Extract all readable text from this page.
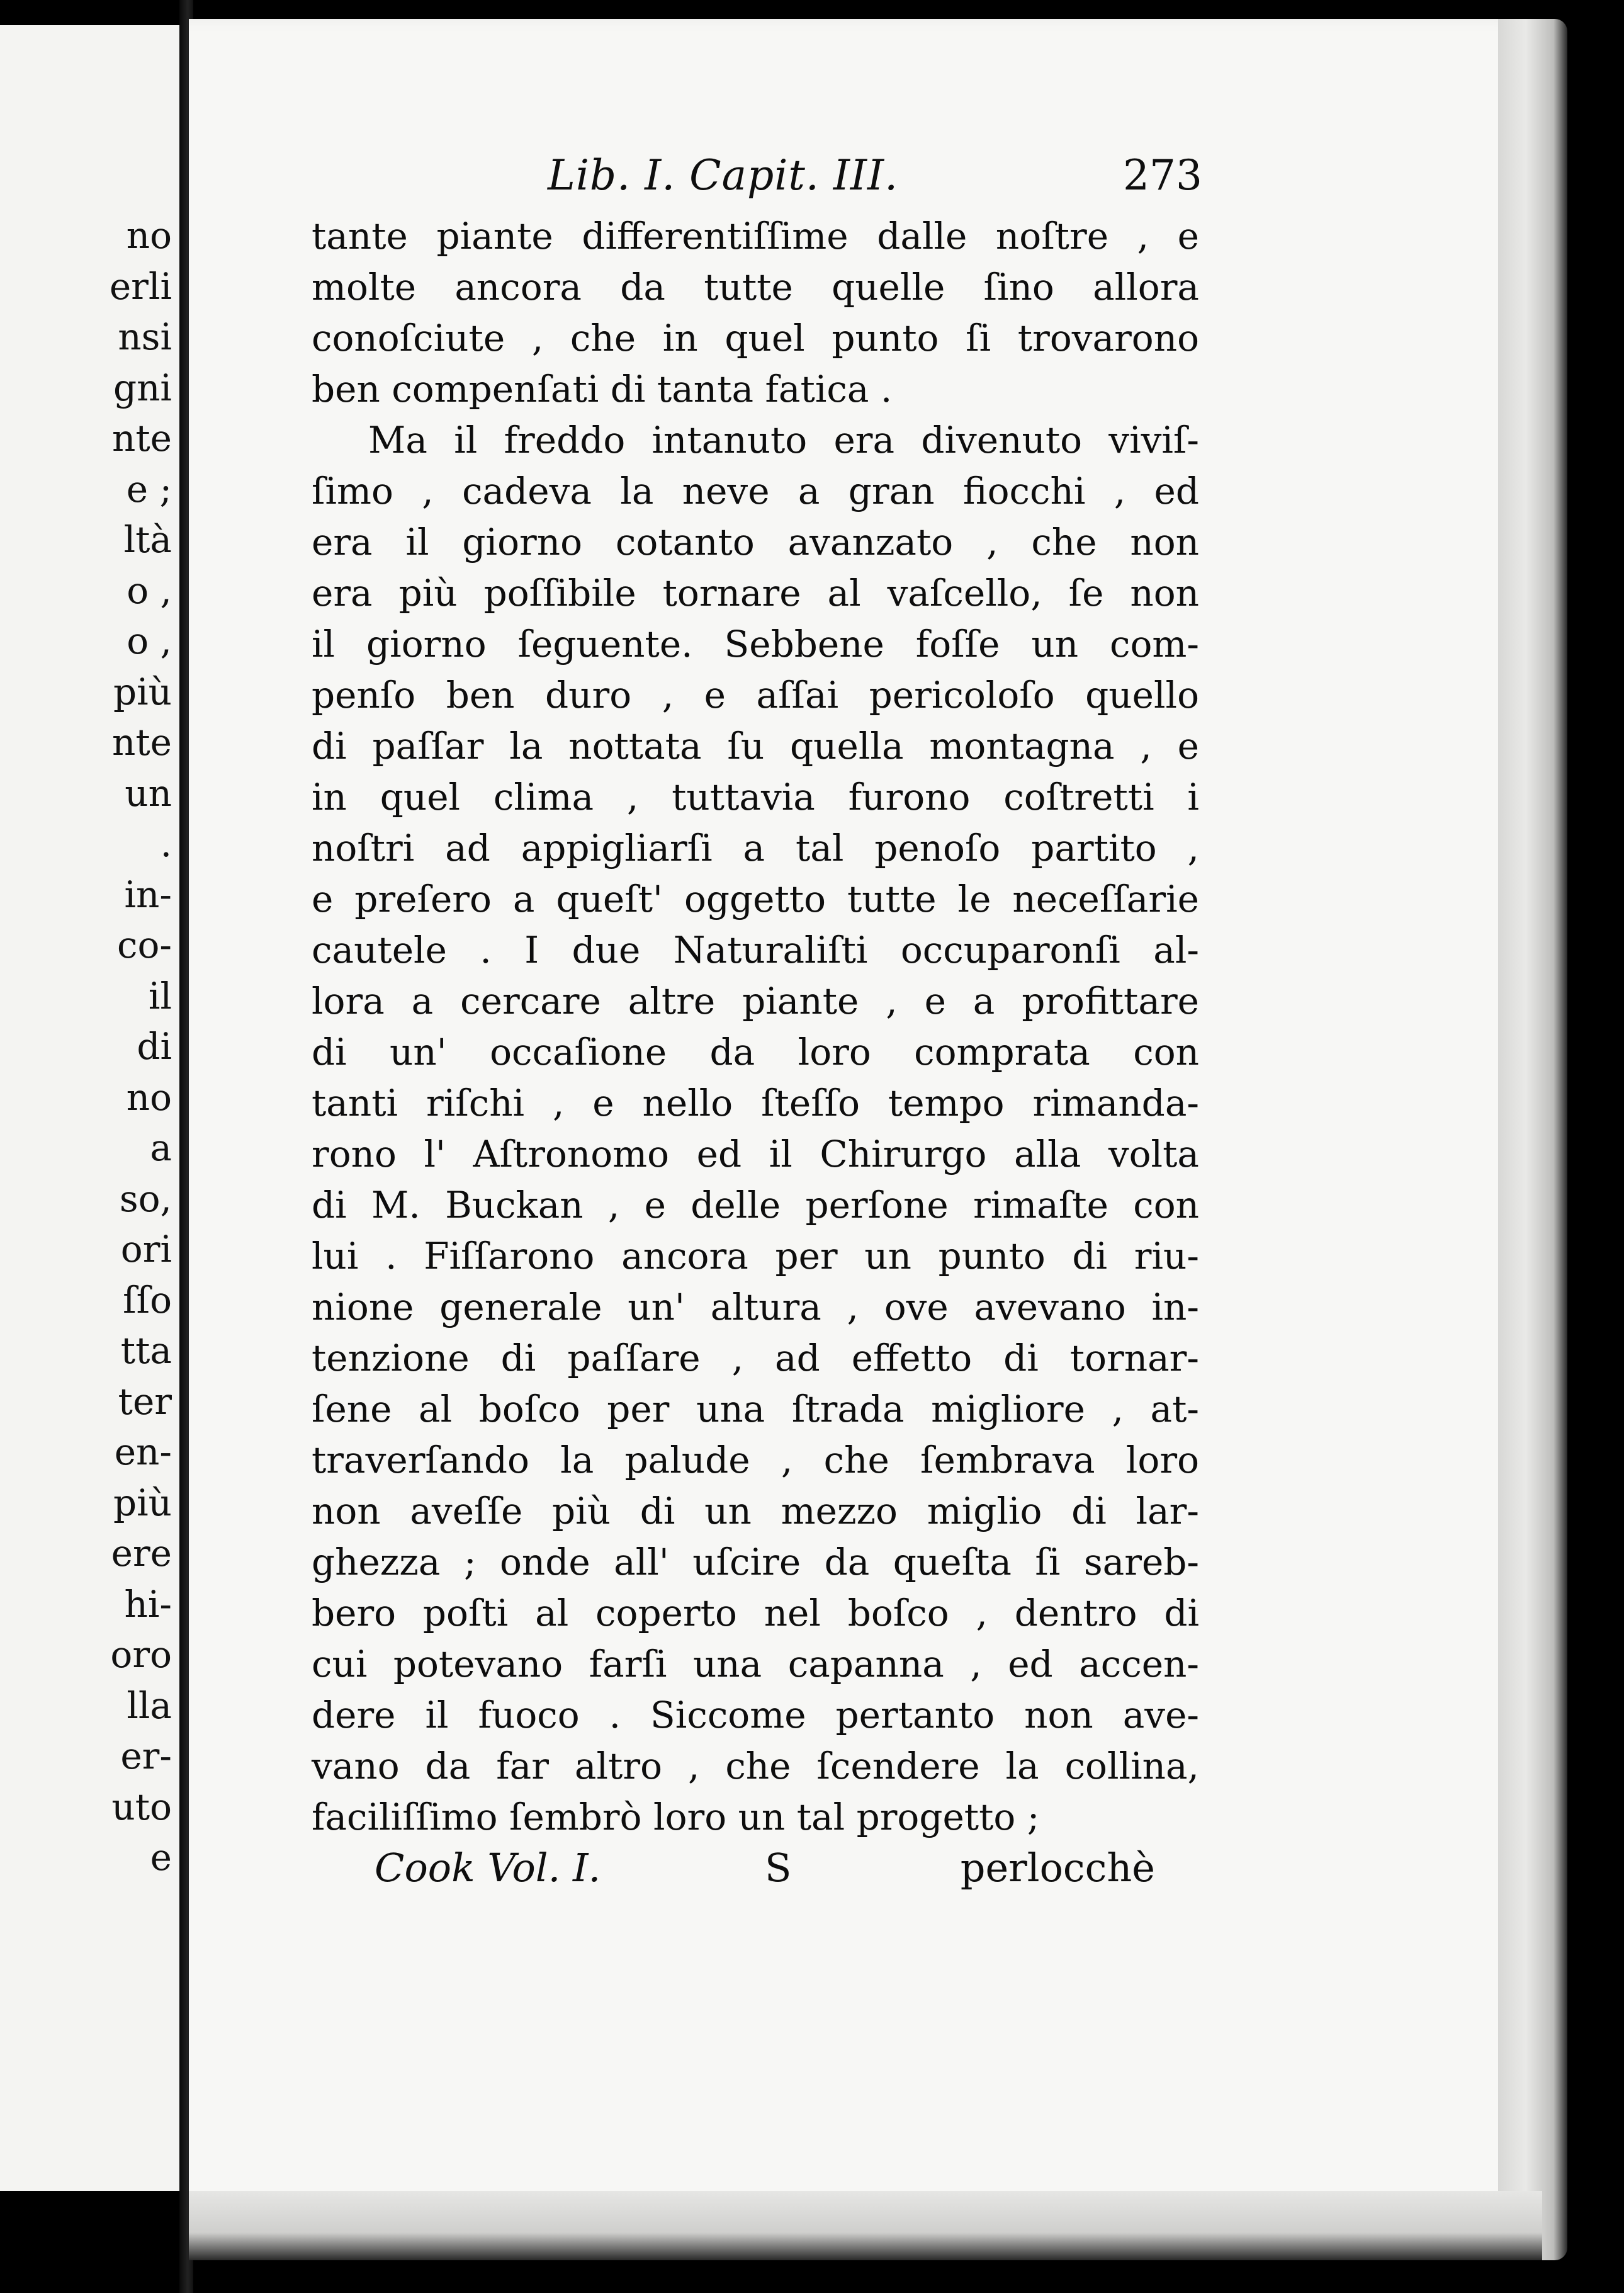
no
erli
nsi
gni
nte
e ;
ltà
o ,
o ,
più
nte
un
.
in-
co-
il
di
no
a
so,
ori
ſſo
tta
ter
en-
più
ere
hi-
oro
lla
er-
uto
e
Lib. I. Capit. III.	273
tante piante differentiſſime dalle noſtre , e
molte ancora da tutte quelle ſino allora
conoſciute , che in quel punto ſi trovarono
ben compenſati di tanta fatica .
Ma il freddo intanuto era divenuto viviſ-
ſimo , cadeva la neve a gran fiocchi , ed
era il giorno cotanto avanzato , che non
era più poſſibile tornare al vaſcello, ſe non
il giorno ſeguente. Sebbene foſſe un com-
penſo ben duro , e aſſai pericoloſo quello
di paſſar la nottata ſu quella montagna , e
in quel clima , tuttavia furono coſtretti i
noſtri ad appigliarſi a tal penoſo partito ,
e preſero a queſt' oggetto tutte le neceſſarie
cautele . I due Naturaliſti occuparonſi al-
lora a cercare altre piante , e a profittare
di un' occaſione da loro comprata con
tanti riſchi , e nello ſteſſo tempo rimanda-
rono l' Aſtronomo ed il Chirurgo alla volta
di M. Buckan , e delle perſone rimaſte con
lui . Fiſſarono ancora per un punto di riu-
nione generale un' altura , ove avevano in-
tenzione di paſſare , ad effetto di tornar-
ſene al boſco per una ſtrada migliore , at-
traverſando la palude , che ſembrava loro
non aveſſe più di un mezzo miglio di lar-
ghezza ; onde all' uſcire da queſta ſi sareb-
bero poſti al coperto nel boſco , dentro di
cui potevano farſi una capanna , ed accen-
dere il fuoco . Siccome pertanto non ave-
vano da far altro , che ſcendere la collina,
faciliſſimo ſembrò loro un tal progetto ;
Cook Vol. I.	S	perlocchè
